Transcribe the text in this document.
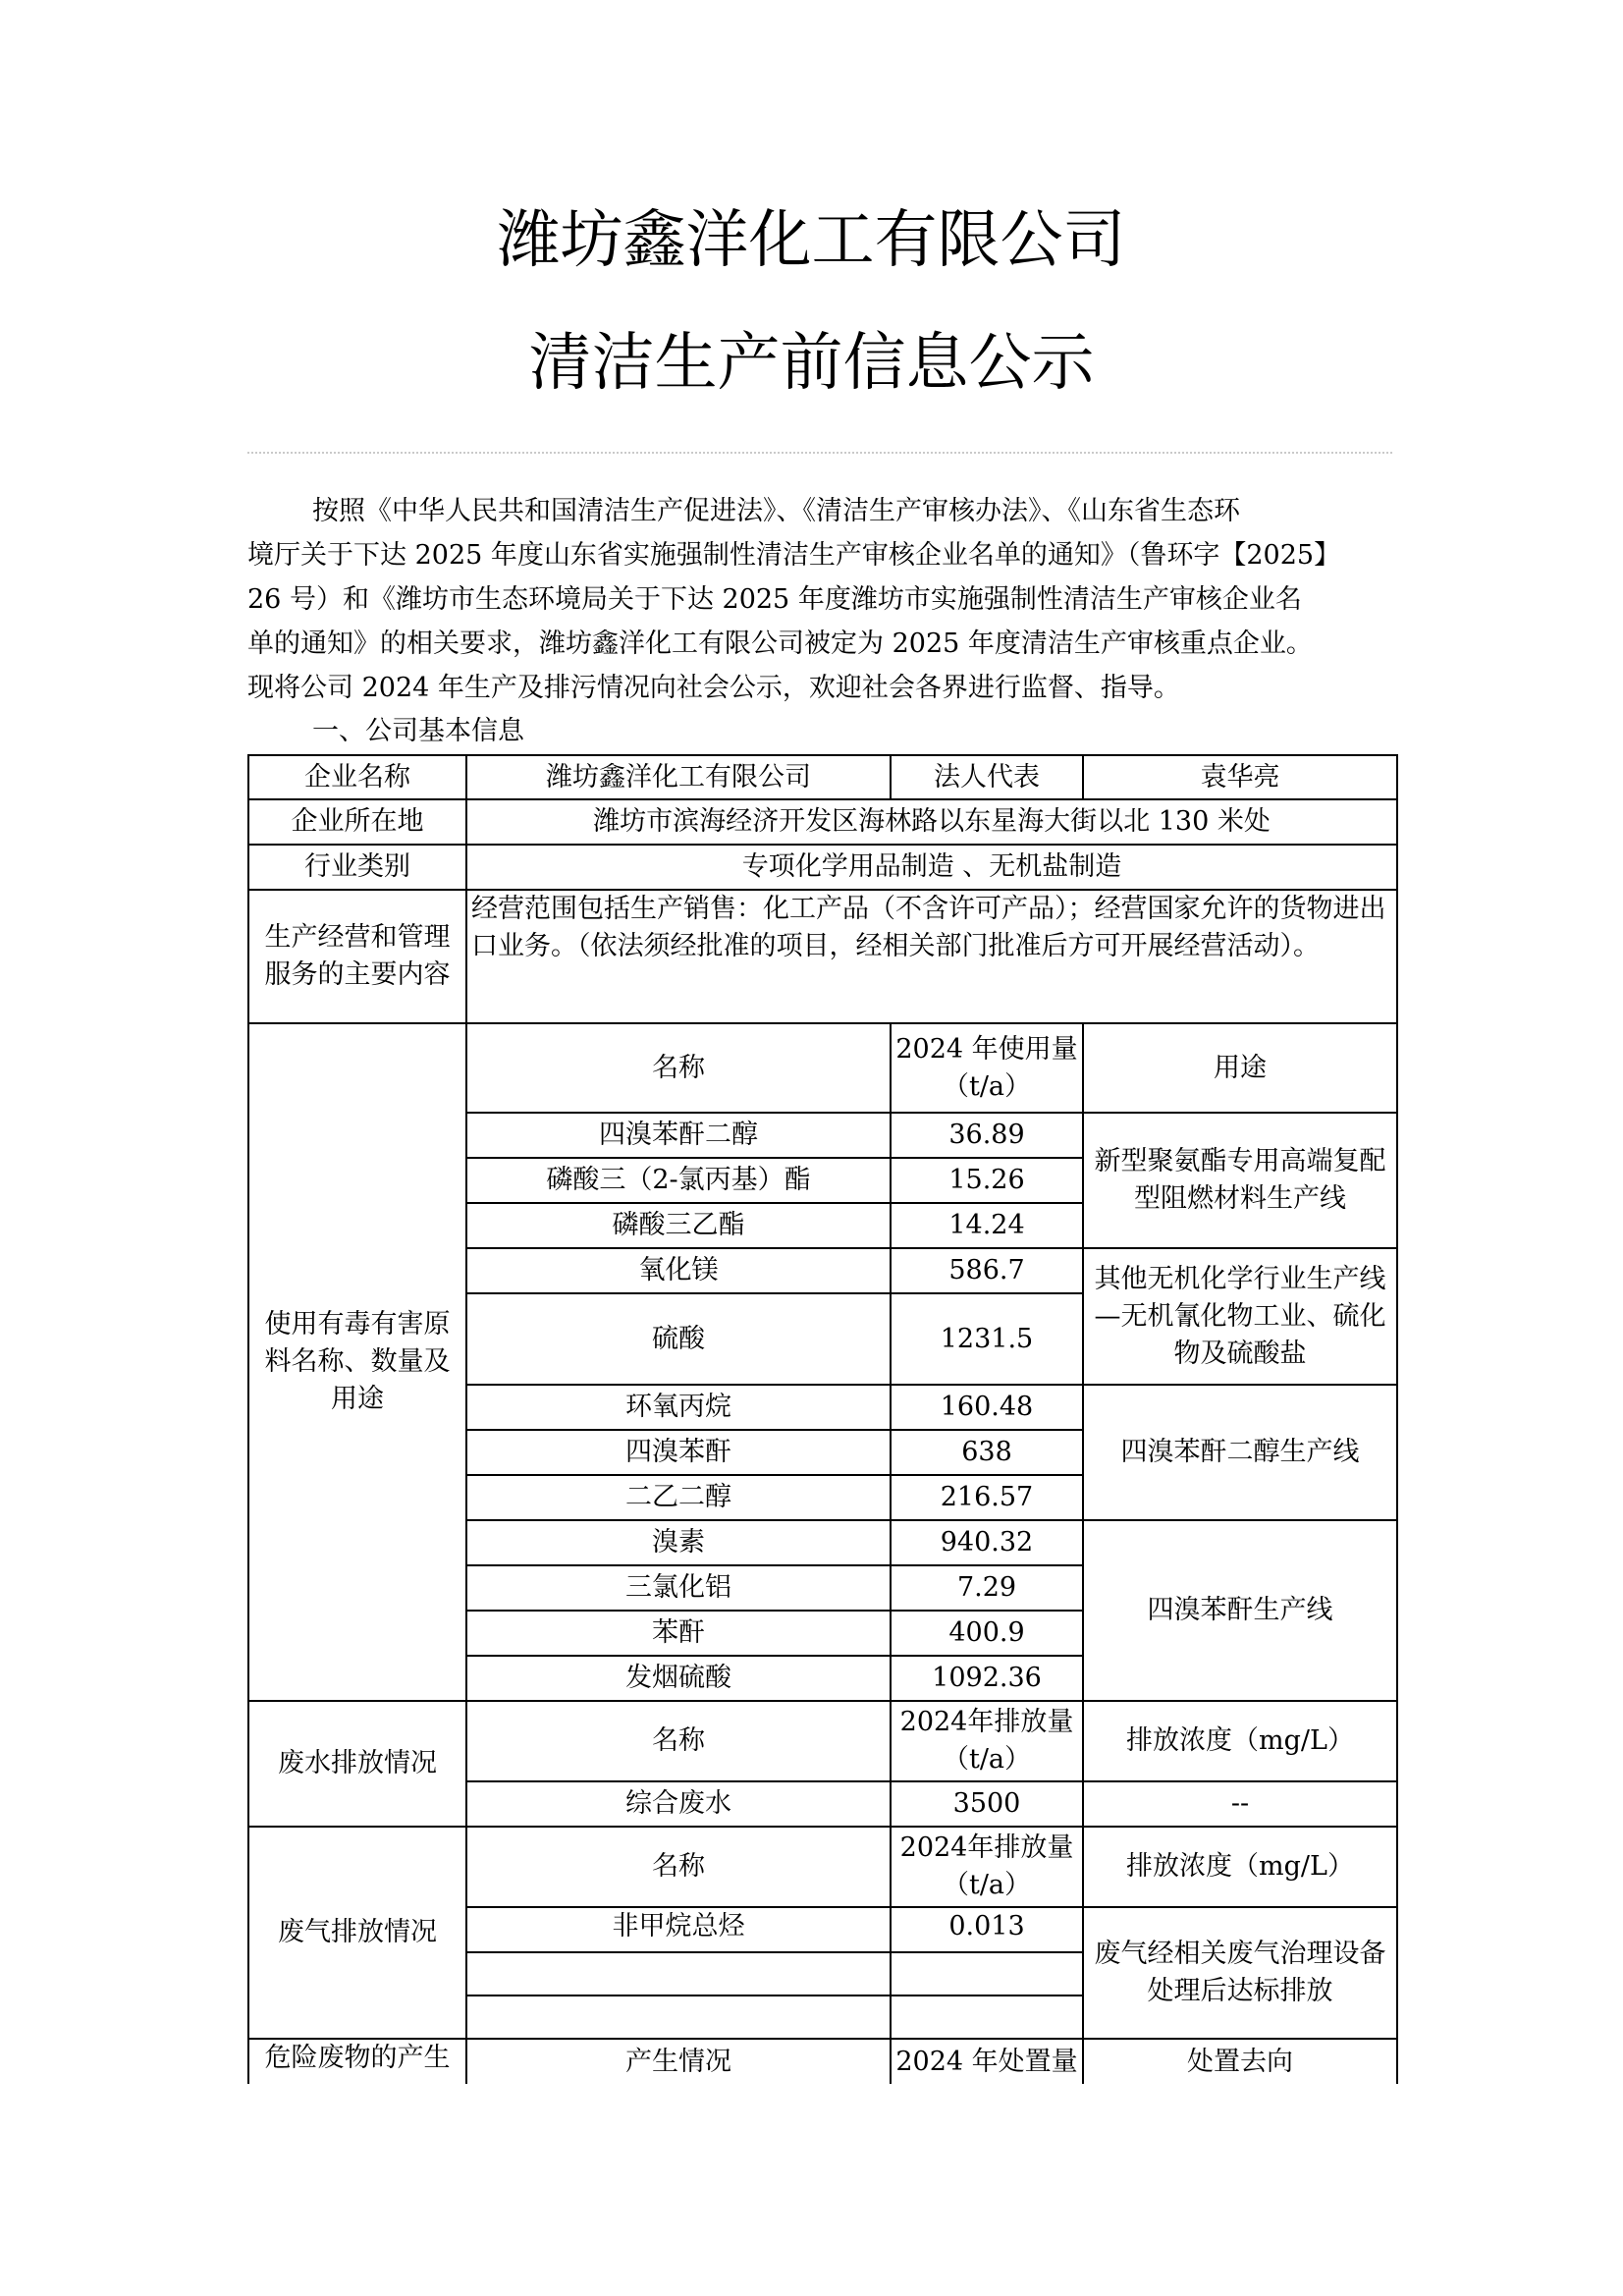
潍坊鑫洋化工有限公司
清洁生产前信息公示
按照《中华人民共和国清洁生产促进法》、《清洁生产审核办法》、《山东省生态环
境厅关于下达 2025 年度山东省实施强制性清洁生产审核企业名单的通知》（鲁环字【2025】
26 号）和《潍坊市生态环境局关于下达 2025 年度潍坊市实施强制性清洁生产审核企业名
单的通知》的相关要求，潍坊鑫洋化工有限公司被定为 2025 年度清洁生产审核重点企业。
现将公司 2024 年生产及排污情况向社会公示，欢迎社会各界进行监督、指导。
一、公司基本信息
企业名称	潍坊鑫洋化工有限公司	法人代表	袁华亮
企业所在地	潍坊市滨海经济开发区海林路以东星海大街以北 130 米处		
行业类别	专项化学用品制造 、无机盐制造		
生产经营和管理服务的主要内容	经营范围包括生产销售：化工产品（不含许可产品）；经营国家允许的货物进出口业务。（依法须经批准的项目，经相关部门批准后方可开展经营活动）。		
使用有毒有害原料名称、数量及用途	名称	2024 年使用量（t/a）	用途
	四溴苯酐二醇	36.89	新型聚氨酯专用高端复配型阻燃材料生产线
	磷酸三（2-氯丙基）酯	15.26	
	磷酸三乙酯	14.24	
	氧化镁	586.7	其他无机化学行业生产线—无机氰化物工业、硫化物及硫酸盐
	硫酸	1231.5	
	环氧丙烷	160.48	四溴苯酐二醇生产线
	四溴苯酐	638	
	二乙二醇	216.57	
	溴素	940.32	四溴苯酐生产线
	三氯化铝	7.29	
	苯酐	400.9	
	发烟硫酸	1092.36	
废水排放情况	名称	2024年排放量（t/a）	排放浓度（mg/L）
	综合废水	3500	--
废气排放情况	名称	2024年排放量（t/a）	排放浓度（mg/L）
	非甲烷总烃	0.013	废气经相关废气治理设备处理后达标排放

危险废物的产生	产生情况	2024 年处置量	处置去向
